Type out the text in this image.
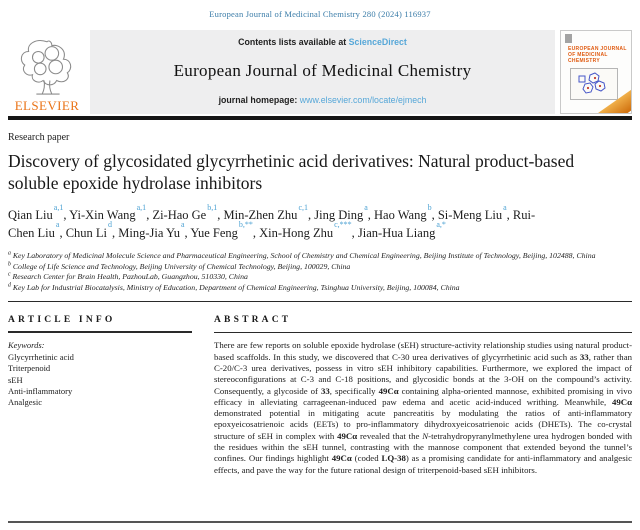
European Journal of Medicinal Chemistry 280 (2024) 116937
ELSEVIER
Contents lists available at ScienceDirect
European Journal of Medicinal Chemistry
journal homepage: www.elsevier.com/locate/ejmech
EUROPEAN JOURNAL OF MEDICINAL CHEMISTRY
Research paper
Discovery of glycosidated glycyrrhetinic acid derivatives: Natural product-based soluble epoxide hydrolase inhibitors
Qian Liu$^{a,1}$, Yi-Xin Wang$^{a,1}$, Zi-Hao Ge$^{b,1}$, Min-Zhen Zhu$^{c,1}$, Jing Ding$^a$, Hao Wang$^b$, Si-Meng Liu$^a$, Rui-Chen Liu$^a$, Chun Li$^d$, Ming-Jia Yu$^a$, Yue Feng$^{b,**}$, Xin-Hong Zhu$^{c,***}$, Jian-Hua Liang$^{a,*}$
$^a$ Key Laboratory of Medicinal Molecule Science and Pharmaceutical Engineering, School of Chemistry and Chemical Engineering, Beijing Institute of Technology, Beijing, 102488, China
$^b$ College of Life Science and Technology, Beijing University of Chemical Technology, Beijing, 100029, China
$^c$ Research Center for Brain Health, PazhouLab, Guangzhou, 510330, China
$^d$ Key Lab for Industrial Biocatalysis, Ministry of Education, Department of Chemical Engineering, Tsinghua University, Beijing, 100084, China
ARTICLE INFO
Keywords:
Glycyrrhetinic acid
Triterpenoid
sEH
Anti-inflammatory
Analgesic
ABSTRACT

There are few reports on soluble epoxide hydrolase (sEH) structure-activity relationship studies using natural product-based scaffolds. In this study, we discovered that C-30 urea derivatives of glycyrrhetinic acid such as 33, rather than C-20/C-3 urea derivatives, possess in vitro sEH inhibitory capabilities. Furthermore, we explored the impact of stereoconfigurations at C-3 and C-18 positions, and glycosidic bonds at the 3-OH on the compound’s activity. Consequently, a glycoside of 33, specifically 49Cα containing alpha-oriented mannose, exhibited promising in vivo efficacy in alleviating carrageenan-induced paw edema and acetic acid-induced writhing. Meanwhile, 49Cα demonstrated potential in mitigating acute pancreatitis by modulating the ratios of anti-inflammatory epoxyeicosatrienoic acids (EETs) to pro-inflammatory dihydroxyeicosatrienoic acids (DHETs). The co-crystal structure of sEH in complex with 49Cα revealed that the N-tetrahydropyranylmethylene urea hydrogen bonded with the residues within the sEH tunnel, contrasting with the mannose component that extended beyond the tunnel’s confines. Our findings highlight 49Cα (coded LQ-38) as a promising candidate for anti-inflammatory and analgesic effects, and pave the way for the future rational design of triterpenoid-based sEH inhibitors.
